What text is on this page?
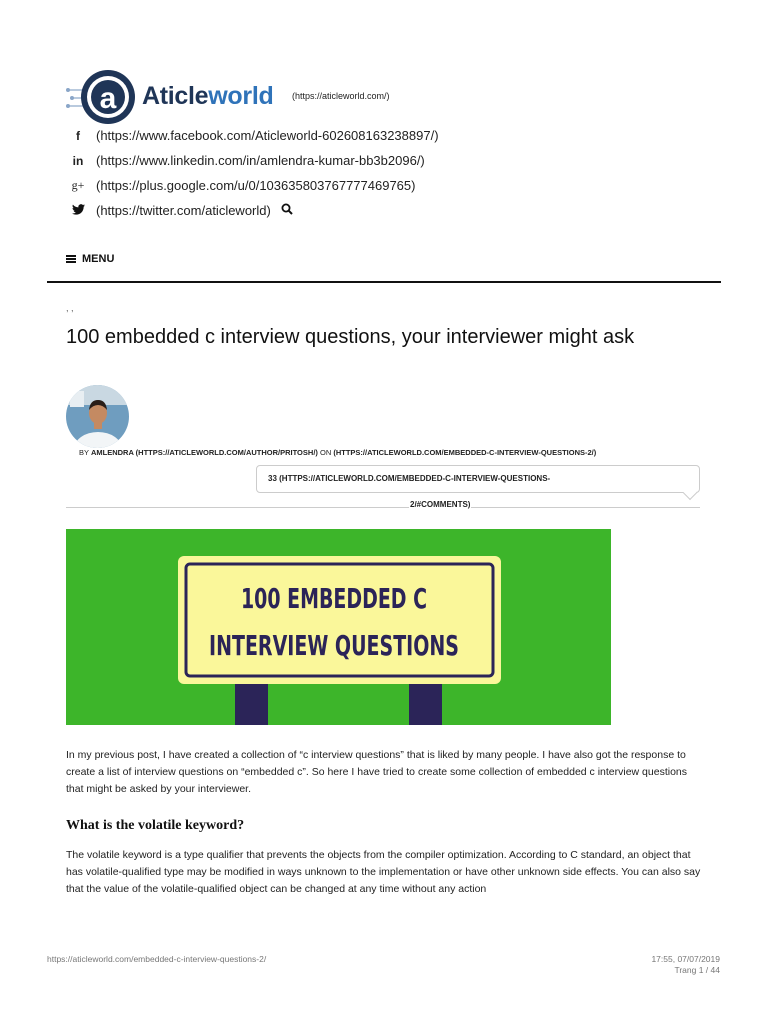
a Aticleworld (https://aticleworld.com/)
f	(https://www.facebook.com/Aticleworld-602608163238897/)
in (https://www.linkedin.com/in/amlendra-kumar-bb3b2096/)
g+ (https://plus.google.com/u/0/103635803767777469765)
(https://twitter.com/aticleworld)
MENU
, ,
100 embedded c interview questions, your interviewer might ask
BY AMLENDRA (HTTPS://ATICLEWORLD.COM/AUTHOR/PRITOSH/) ON (HTTPS://ATICLEWORLD.COM/EMBEDDED-C-INTERVIEW-QUESTIONS-2/)
33 (HTTPS://ATICLEWORLD.COM/EMBEDDED-C-INTERVIEW-QUESTIONS-
2/#COMMENTS)
100 EMBEDDED C
INTERVIEW QUESTIONS

In my previous post, I have created a collection of “c interview questions” that is liked by many people. I have also got the response to create a list of interview questions on “embedded c”. So here I have tried to create some collection of embedded c interview questions that might be asked by your interviewer.

What is the volatile keyword?

The volatile keyword is a type qualifier that prevents the objects from the compiler optimization. According to C standard, an object that has volatile-qualified type may be modified in ways unknown to the implementation or have other unknown side effects. You can also say that the value of the volatile-qualified object can be changed at any time without any action

https://aticleworld.com/embedded-c-interview-questions-2/	17:55, 07/07/2019
Trang 1 / 44
